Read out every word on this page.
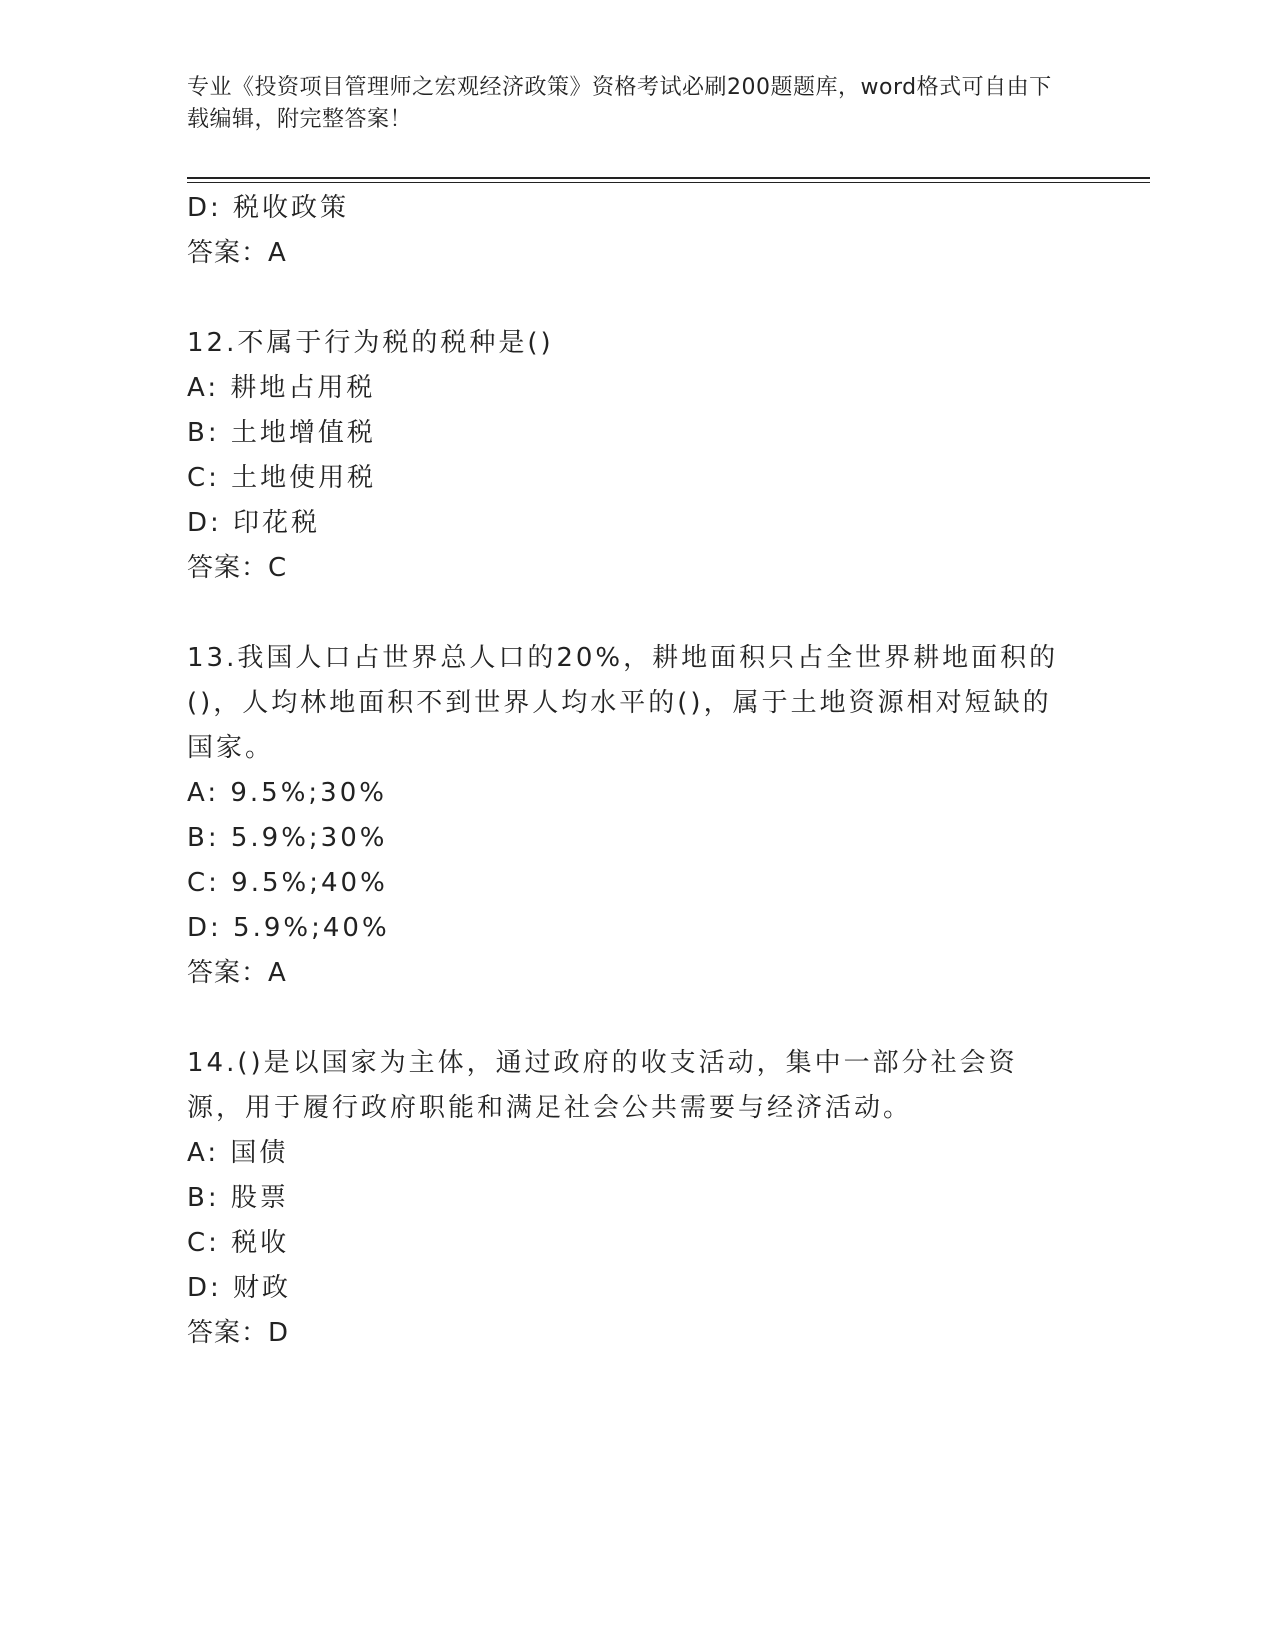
专业《投资项目管理师之宏观经济政策》资格考试必刷200题题库，word格式可自由下载编辑，附完整答案！
D: 税收政策
答案：A
12.不属于行为税的税种是()
A: 耕地占用税
B: 土地增值税
C: 土地使用税
D: 印花税
答案：C
13.我国人口占世界总人口的20%，耕地面积只占全世界耕地面积的()，人均林地面积不到世界人均水平的()，属于土地资源相对短缺的国家。
A: 9.5%;30%
B: 5.9%;30%
C: 9.5%;40%
D: 5.9%;40%
答案：A
14.()是以国家为主体，通过政府的收支活动，集中一部分社会资源，用于履行政府职能和满足社会公共需要与经济活动。
A: 国债
B: 股票
C: 税收
D: 财政
答案：D
